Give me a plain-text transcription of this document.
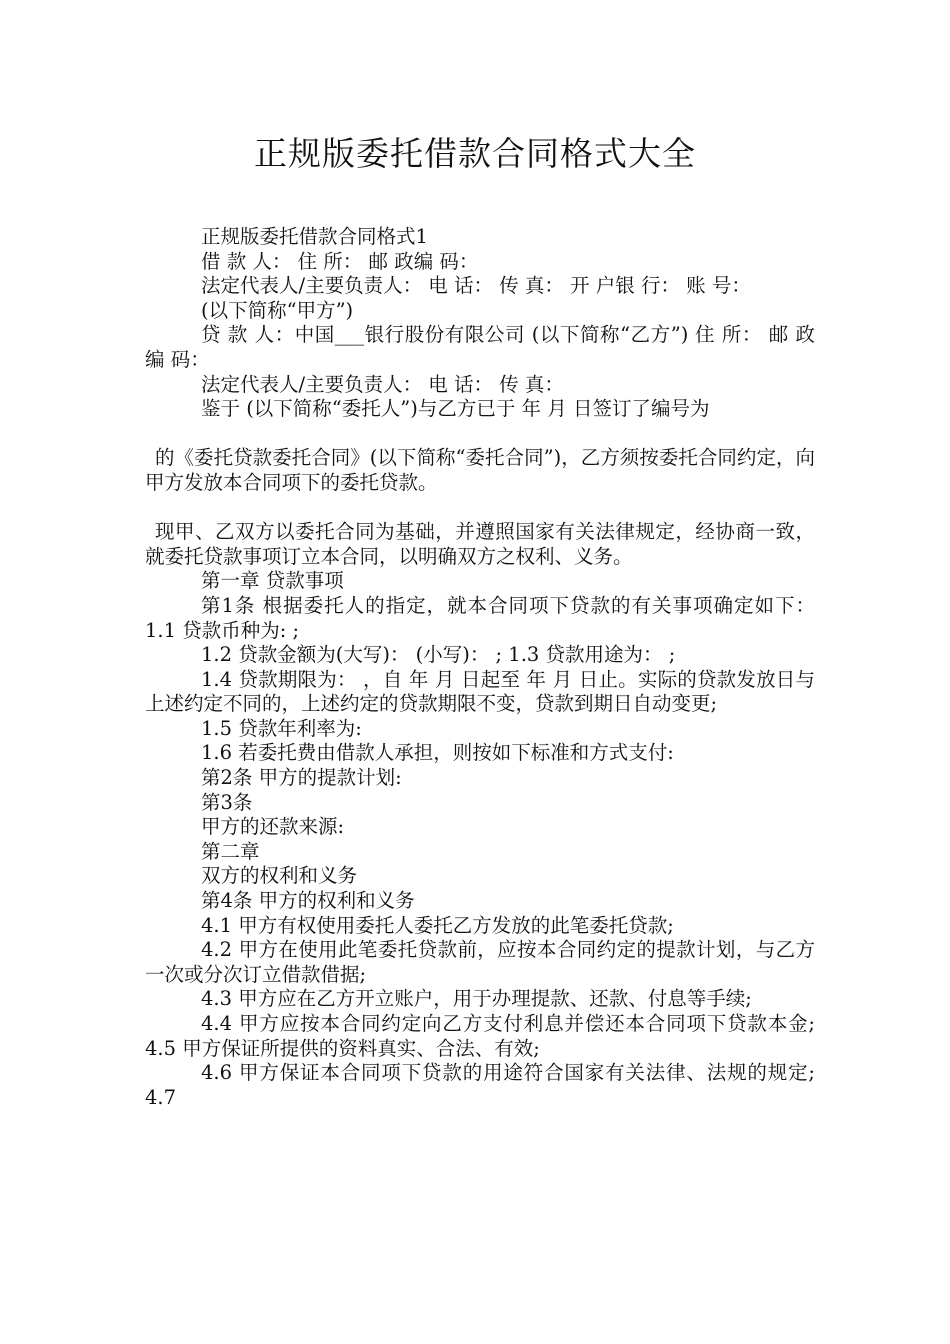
正规版委托借款合同格式大全

正规版委托借款合同格式1

借 款 人： 住 所： 邮 政编 码：

法定代表人/主要负责人： 电 话： 传 真： 开 户银 行： 账 号：

(以下简称“甲方”)

贷 款 人：中国___银行股份有限公司 (以下简称“乙方”) 住 所： 邮 政编 码：

法定代表人/主要负责人： 电 话： 传 真：

鉴于 (以下简称“委托人”)与乙方已于 年 月 日签订了编号为

的《委托贷款委托合同》(以下简称“委托合同”)，乙方须按委托合同约定，向甲方发放本合同项下的委托贷款。

现甲、乙双方以委托合同为基础，并遵照国家有关法律规定，经协商一致，就委托贷款事项订立本合同，以明确双方之权利、义务。

第一章 贷款事项

第1条 根据委托人的指定，就本合同项下贷款的有关事项确定如下： 1.1 贷款币种为: ;

1.2 贷款金额为(大写)： (小写)： ; 1.3 贷款用途为： ;

1.4 贷款期限为： ，自 年 月 日起至 年 月 日止。实际的贷款发放日与上述约定不同的，上述约定的贷款期限不变，贷款到期日自动变更;

1.5 贷款年利率为:

1.6 若委托费由借款人承担，则按如下标准和方式支付:

第2条 甲方的提款计划:

第3条

甲方的还款来源:

第二章

双方的权利和义务

第4条 甲方的权利和义务

4.1 甲方有权使用委托人委托乙方发放的此笔委托贷款;

4.2 甲方在使用此笔委托贷款前，应按本合同约定的提款计划，与乙方一次或分次订立借款借据;

4.3 甲方应在乙方开立账户，用于办理提款、还款、付息等手续;

4.4 甲方应按本合同约定向乙方支付利息并偿还本合同项下贷款本金; 4.5 甲方保证所提供的资料真实、合法、有效;

4.6 甲方保证本合同项下贷款的用途符合国家有关法律、法规的规定; 4.7
